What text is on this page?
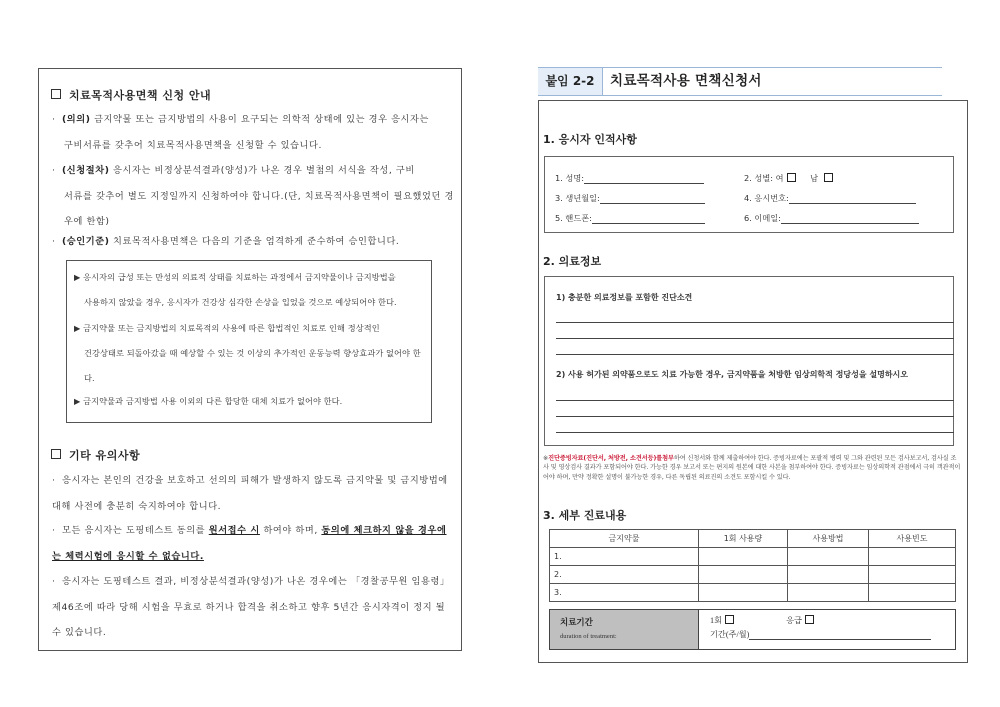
치료목적사용면책 신청 안내
· (의의) 금지약물 또는 금지방법의 사용이 요구되는 의학적 상태에 있는 경우 응시자는
구비서류를 갖추어 치료목적사용면책을 신청할 수 있습니다.
· (신청절차) 응시자는 비정상분석결과(양성)가 나온 경우 별첨의 서식을 작성, 구비
서류를 갖추어 별도 지정일까지 신청하여야 합니다.(단, 치료목적사용면책이 필요했었던 경우에 한함)
· (승인기준) 치료목적사용면책은 다음의 기준을 엄격하게 준수하여 승인합니다.
▶ 응시자의 급성 또는 만성의 의료적 상태를 치료하는 과정에서 금지약물이나 금지방법을
사용하지 않았을 경우, 응시자가 건강상 심각한 손상을 입었을 것으로 예상되어야 한다.
▶ 금지약물 또는 금지방법의 치료목적의 사용에 따른 합법적인 치료로 인해 정상적인
건강상태로 되돌아갔을 때 예상할 수 있는 것 이상의 추가적인 운동능력 향상효과가 없어야 한다.
▶ 금지약물과 금지방법 사용 이외의 다른 합당한 대체 치료가 없어야 한다.
기타 유의사항
· 응시자는 본인의 건강을 보호하고 선의의 피해가 발생하지 않도록 금지약물 및 금지방법에 대해 사전에 충분히 숙지하여야 합니다.
· 모든 응시자는 도핑테스트 동의를 원서접수 시 하여야 하며, 동의에 체크하지 않을 경우에는 체력시험에 응시할 수 없습니다.
· 응시자는 도핑테스트 결과, 비정상분석결과(양성)가 나온 경우에는 「경찰공무원 임용령」 제46조에 따라 당해 시험을 무효로 하거나 합격을 취소하고 향후 5년간 응시자격이 정지 될 수 있습니다.
붙임 2-2	치료목적사용 면책신청서
1. 응시자 인적사항
1. 성명:	2. 성별: 여	남
3. 생년월일:	4. 응시번호:
5. 핸드폰:	6. 이메일:
2. 의료정보
1) 충분한 의료정보를 포함한 진단소견
2) 사용 허가된 의약품으로도 치료 가능한 경우, 금지약품을 처방한 임상의학적 정당성을 설명하시오
※진단증빙자료(진단서, 처방전, 소견서등)를첨부하여 신청서와 함께 제출하여야 한다. 증빙자료에는 포괄적 병력 및 그와 관련된 모든 검사보고서, 검사실 조사 및 영상검사 결과가 포함되어야 한다. 가능한 경우 보고서 또는 편지의 원본에 대한 사본을 첨부하여야 한다. 증빙자료는 임상의학적 관점에서 극히 객관적이어야 하며, 만약 정확한 설명이 불가능한 경우, 다른 독립된 의료진의 소견도 포함시킬 수 있다.
3. 세부 진료내용
금지약물	1회 사용량	사용방법	사용빈도
1.			
2.			
3.			
치료기간
duration of treatment:
1회	응급
기간(주/월)
